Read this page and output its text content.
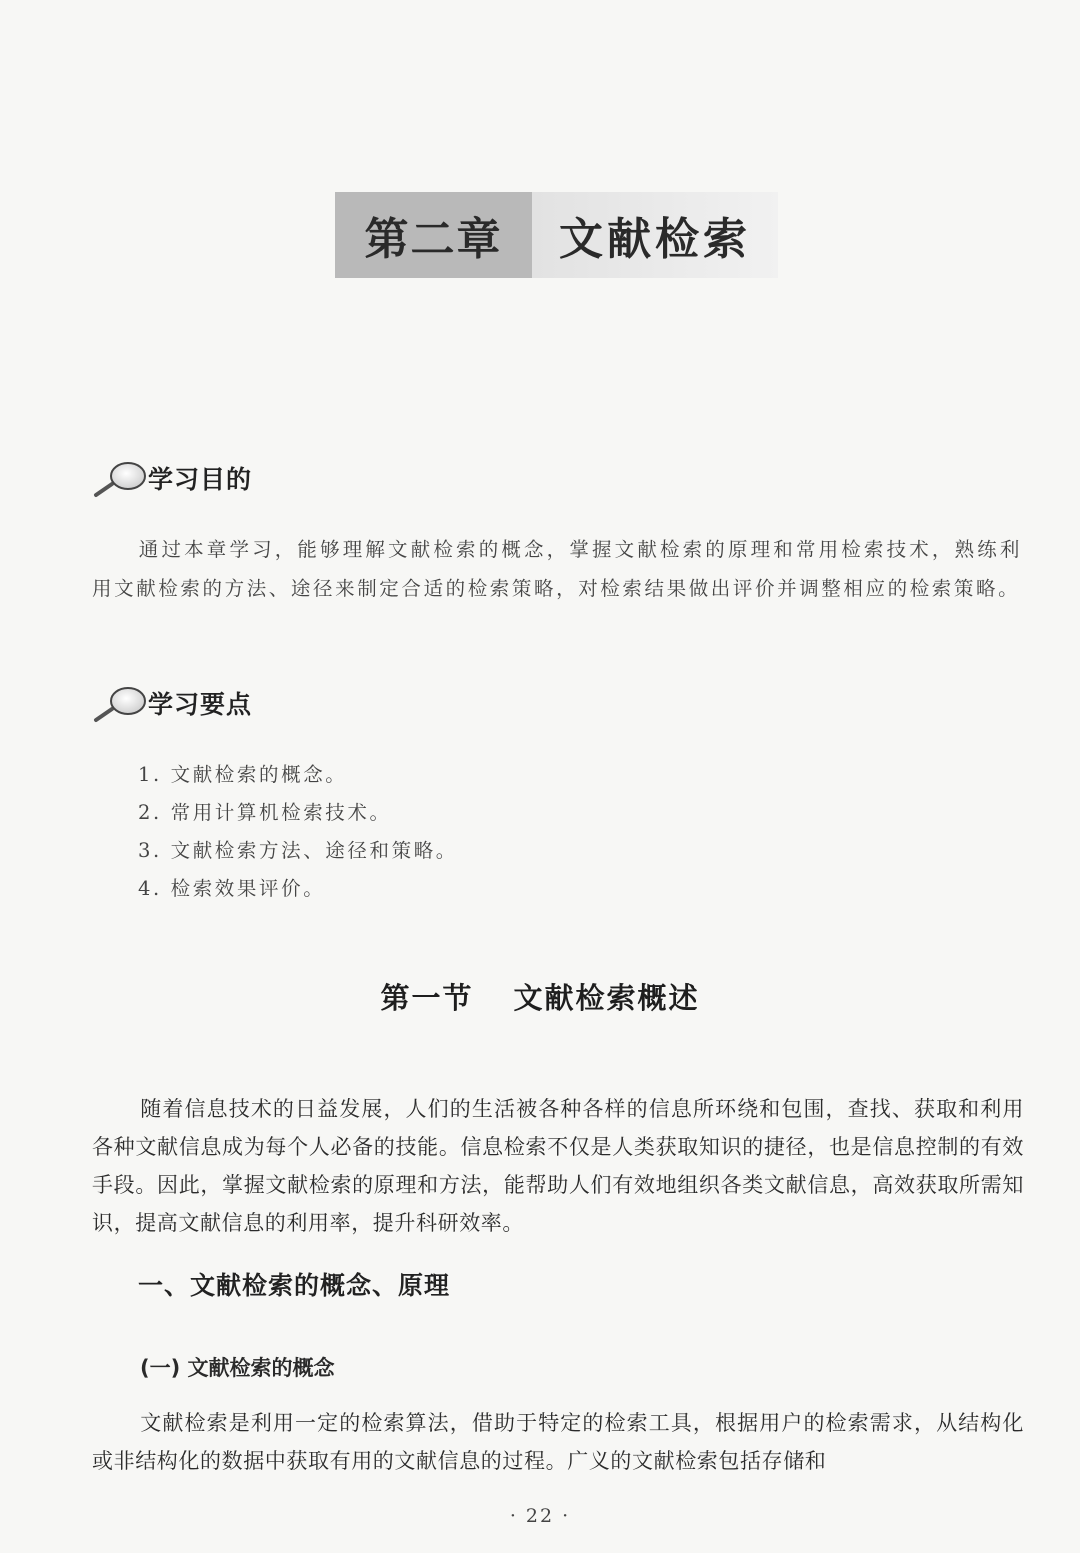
第二章	文献检索
学习目的

通过本章学习，能够理解文献检索的概念，掌握文献检索的原理和常用检索技术，熟练利用文献检索的方法、途径来制定合适的检索策略，对检索结果做出评价并调整相应的检索策略。

学习要点
1. 文献检索的概念。
2. 常用计算机检索技术。
3. 文献检索方法、途径和策略。
4. 检索效果评价。
第一节 文献检索概述

随着信息技术的日益发展，人们的生活被各种各样的信息所环绕和包围，查找、获取和利用各种文献信息成为每个人必备的技能。信息检索不仅是人类获取知识的捷径，也是信息控制的有效手段。因此，掌握文献检索的原理和方法，能帮助人们有效地组织各类文献信息，高效获取所需知识，提高文献信息的利用率，提升科研效率。

一、文献检索的概念、原理
(一) 文献检索的概念

文献检索是利用一定的检索算法，借助于特定的检索工具，根据用户的检索需求，从结构化或非结构化的数据中获取有用的文献信息的过程。广义的文献检索包括存储和

· 22 ·
